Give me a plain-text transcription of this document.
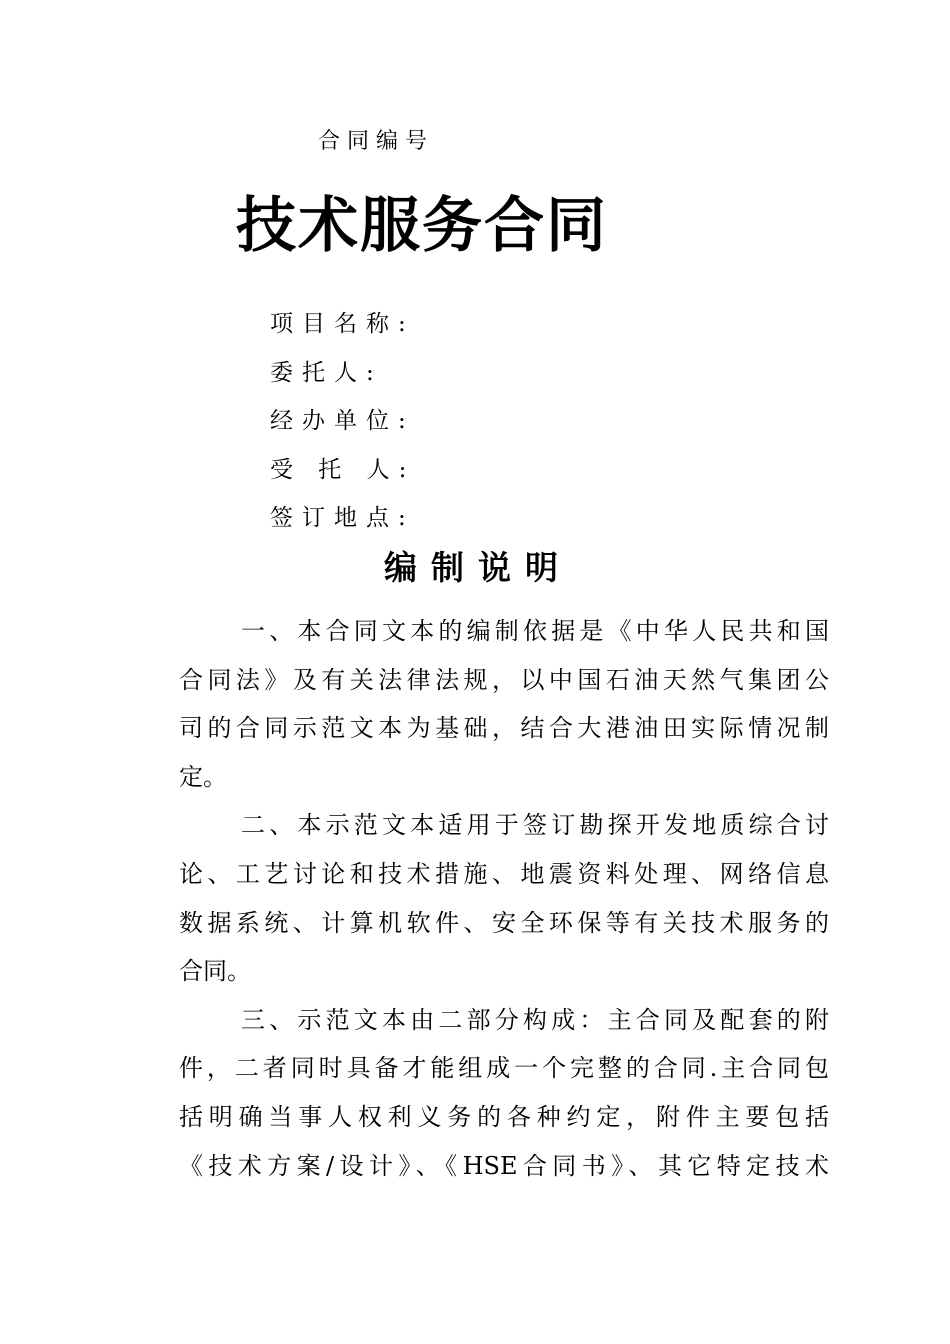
合同编号
技术服务合同
项目名称:
委托人:
经办单位:
受 托 人:
签订地点:
编制说明
一、本合同文本的编制依据是《中华人民共和国
合同法》及有关法律法规，以中国石油天然气集团公
司的合同示范文本为基础，结合大港油田实际情况制
定。
二、本示范文本适用于签订勘探开发地质综合讨
论、工艺讨论和技术措施、地震资料处理、网络信息
数据系统、计算机软件、安全环保等有关技术服务的
合同。
三、示范文本由二部分构成：主合同及配套的附
件，二者同时具备才能组成一个完整的合同.主合同包
括明确当事人权利义务的各种约定，附件主要包括
《技术方案/设计》、《HSE合同书》、其它特定技术
